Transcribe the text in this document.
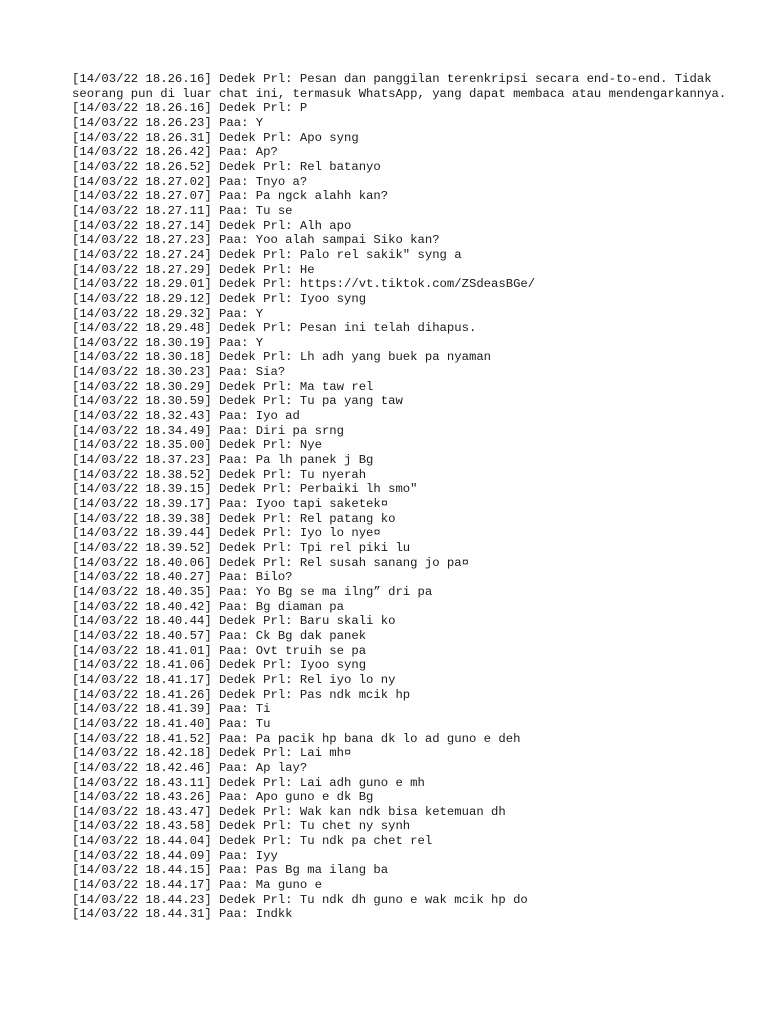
[14/03/22 18.26.16] Dedek Prl: Pesan dan panggilan terenkripsi secara end-to-end. Tidak seorang pun di luar chat ini, termasuk WhatsApp, yang dapat membaca atau mendengarkannya.

[14/03/22 18.26.16] Dedek Prl: P

[14/03/22 18.26.23] Paa: Y

[14/03/22 18.26.31] Dedek Prl: Apo syng

[14/03/22 18.26.42] Paa: Ap?

[14/03/22 18.26.52] Dedek Prl: Rel batanyo

[14/03/22 18.27.02] Paa: Tnyo a?

[14/03/22 18.27.07] Paa: Pa ngck alahh kan?

[14/03/22 18.27.11] Paa: Tu se

[14/03/22 18.27.14] Dedek Prl: Alh apo

[14/03/22 18.27.23] Paa: Yoo alah sampai Siko kan?

[14/03/22 18.27.24] Dedek Prl: Palo rel sakik" syng a

[14/03/22 18.27.29] Dedek Prl: He

[14/03/22 18.29.01] Dedek Prl: https://vt.tiktok.com/ZSdeasBGe/

[14/03/22 18.29.12] Dedek Prl: Iyoo syng

[14/03/22 18.29.32] Paa: Y

[14/03/22 18.29.48] Dedek Prl: Pesan ini telah dihapus.

[14/03/22 18.30.19] Paa: Y

[14/03/22 18.30.18] Dedek Prl: Lh adh yang buek pa nyaman

[14/03/22 18.30.23] Paa: Sia?

[14/03/22 18.30.29] Dedek Prl: Ma taw rel

[14/03/22 18.30.59] Dedek Prl: Tu pa yang taw

[14/03/22 18.32.43] Paa: Iyo ad

[14/03/22 18.34.49] Paa: Diri pa srng

[14/03/22 18.35.00] Dedek Prl: Nye

[14/03/22 18.37.23] Paa: Pa lh panek j Bg

[14/03/22 18.38.52] Dedek Prl: Tu nyerah

[14/03/22 18.39.15] Dedek Prl: Perbaiki lh smo"

[14/03/22 18.39.17] Paa: Iyoo tapi saketek¤

[14/03/22 18.39.38] Dedek Prl: Rel patang ko

[14/03/22 18.39.44] Dedek Prl: Iyo lo nye¤

[14/03/22 18.39.52] Dedek Prl: Tpi rel piki lu

[14/03/22 18.40.06] Dedek Prl: Rel susah sanang jo pa¤

[14/03/22 18.40.27] Paa: Bilo?

[14/03/22 18.40.35] Paa: Yo Bg se ma ilng” dri pa

[14/03/22 18.40.42] Paa: Bg diaman pa

[14/03/22 18.40.44] Dedek Prl: Baru skali ko

[14/03/22 18.40.57] Paa: Ck Bg dak panek

[14/03/22 18.41.01] Paa: Ovt truih se pa

[14/03/22 18.41.06] Dedek Prl: Iyoo syng

[14/03/22 18.41.17] Dedek Prl: Rel iyo lo ny

[14/03/22 18.41.26] Dedek Prl: Pas ndk mcik hp

[14/03/22 18.41.39] Paa: Ti

[14/03/22 18.41.40] Paa: Tu

[14/03/22 18.41.52] Paa: Pa pacik hp bana dk lo ad guno e deh

[14/03/22 18.42.18] Dedek Prl: Lai mh¤

[14/03/22 18.42.46] Paa: Ap lay?

[14/03/22 18.43.11] Dedek Prl: Lai adh guno e mh

[14/03/22 18.43.26] Paa: Apo guno e dk Bg

[14/03/22 18.43.47] Dedek Prl: Wak kan ndk bisa ketemuan dh

[14/03/22 18.43.58] Dedek Prl: Tu chet ny synh

[14/03/22 18.44.04] Dedek Prl: Tu ndk pa chet rel

[14/03/22 18.44.09] Paa: Iyy

[14/03/22 18.44.15] Paa: Pas Bg ma ilang ba

[14/03/22 18.44.17] Paa: Ma guno e

[14/03/22 18.44.23] Dedek Prl: Tu ndk dh guno e wak mcik hp do

[14/03/22 18.44.31] Paa: Indkk
